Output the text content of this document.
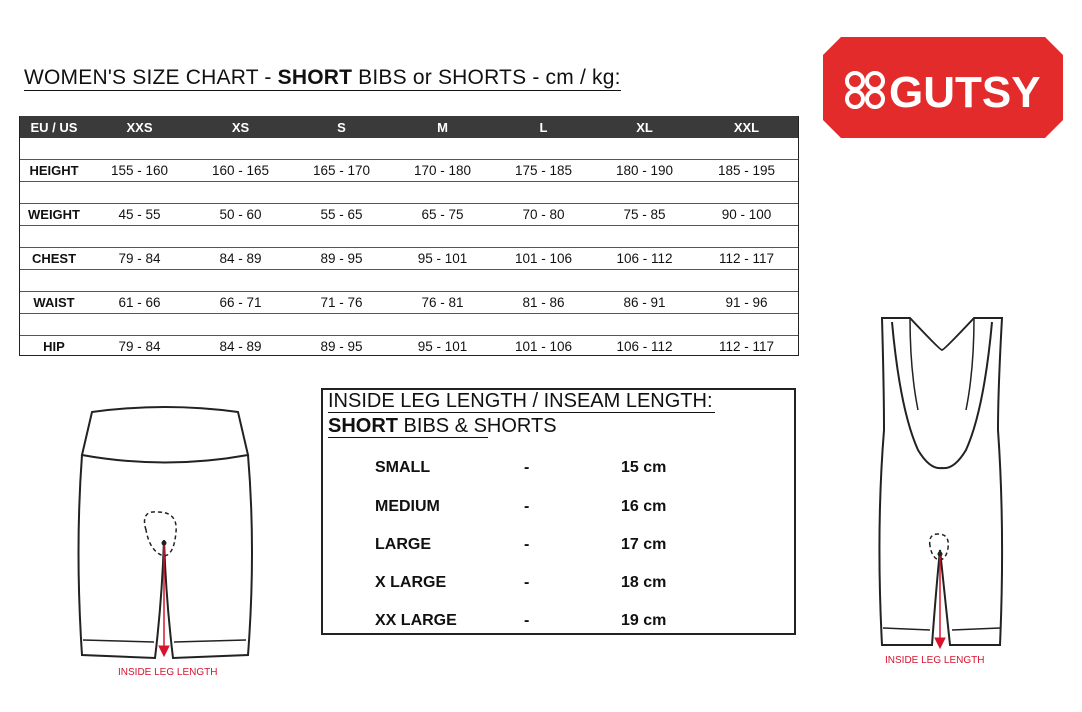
WOMEN'S SIZE CHART - SHORT BIBS or SHORTS - cm / kg:	GUTSY
EU / US	XXS	XS	S	M	L	XL	XXL

HEIGHT	155 - 160	160 - 165	165 - 170	170 - 180	175 - 185	180 - 190	185 - 195

WEIGHT	45 - 55	50 - 60	55 - 65	65 - 75	70 - 80	75 - 85	90 - 100

CHEST	79 - 84	84 - 89	89 - 95	95 - 101	101 - 106	106 - 112	112 - 117

WAIST	61 - 66	66 - 71	71 - 76	76 - 81	81 - 86	86 - 91	91 - 96

HIP	79 - 84	84 - 89	89 - 95	95 - 101	101 - 106	106 - 112	112 - 117
INSIDE LEG LENGTH
INSIDE LEG LENGTH / INSEAM LENGTH:
SHORT BIBS & SHORTS
SMALL	-	15 cm
MEDIUM	-	16 cm
LARGE	-	17 cm
X LARGE	-	18 cm
XX LARGE	-	19 cm
INSIDE LEG LENGTH
